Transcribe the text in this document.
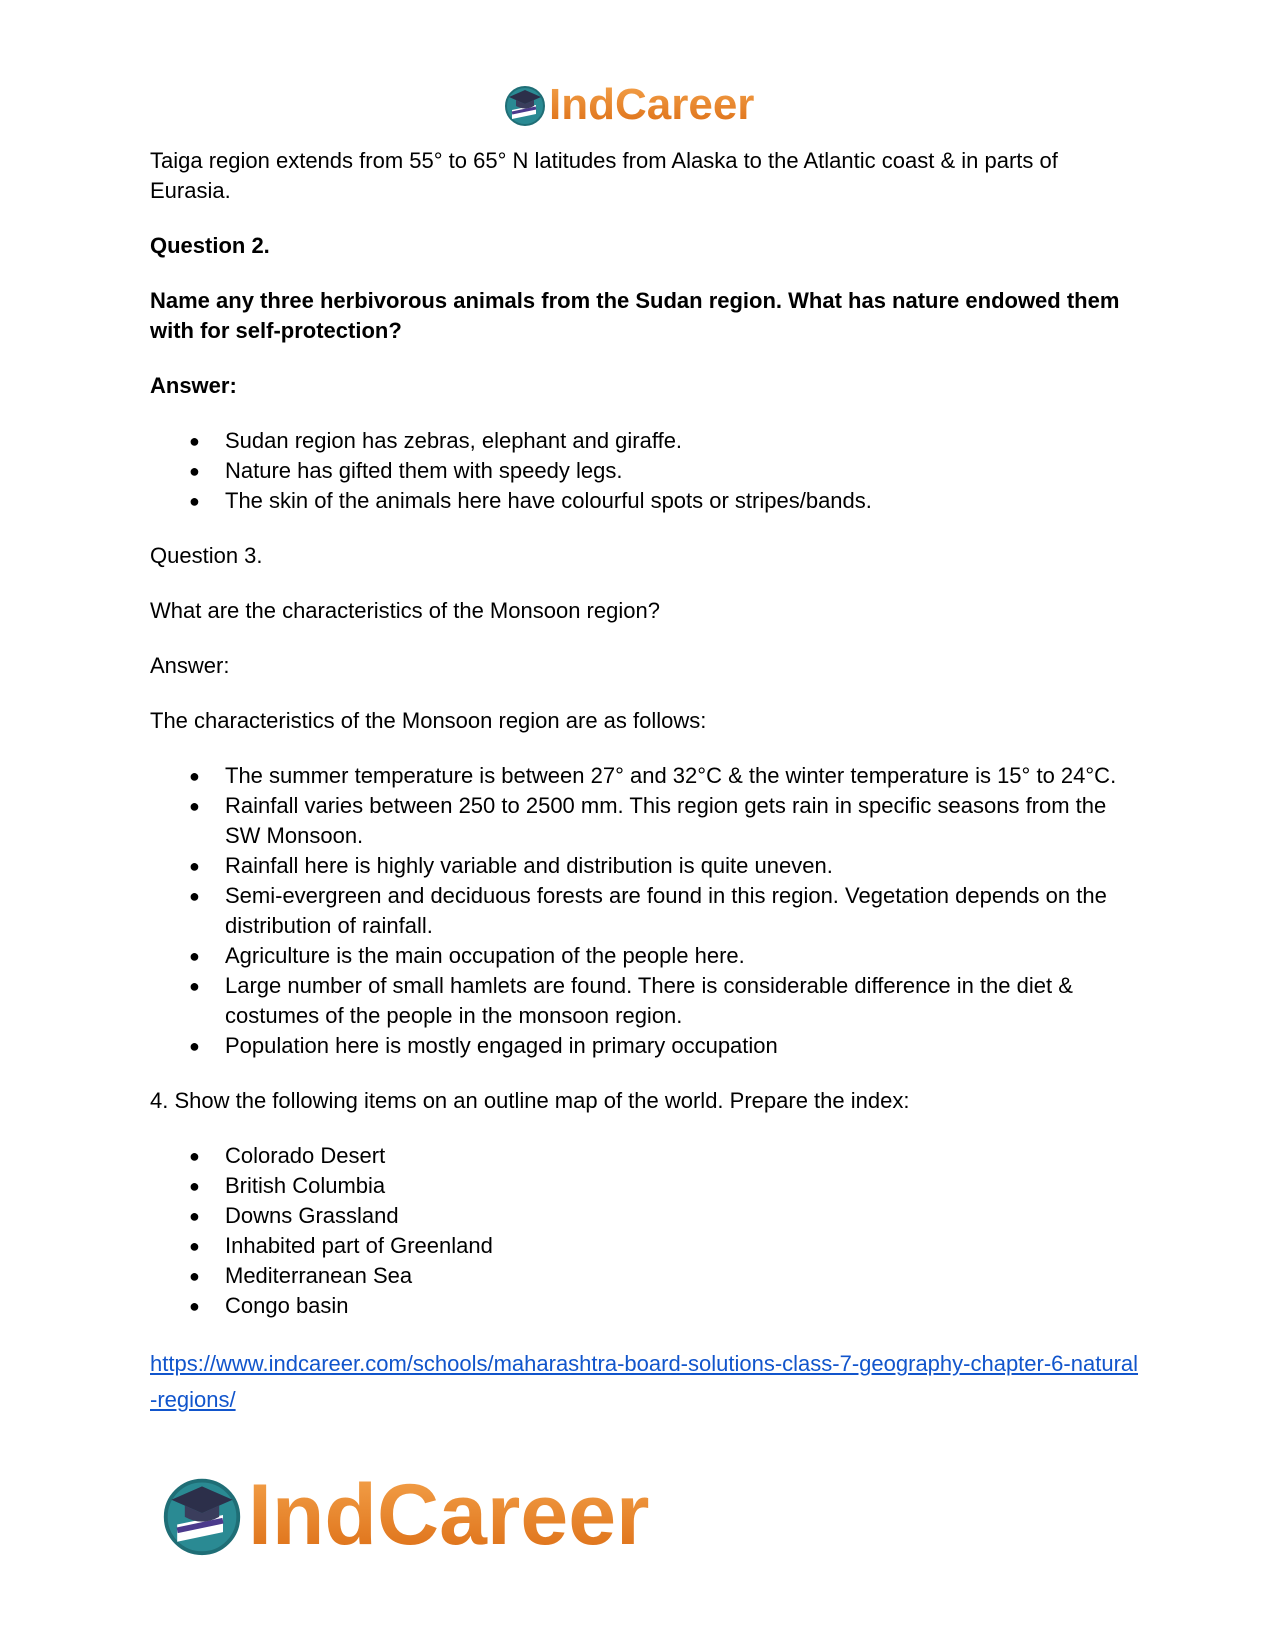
IndCareer

Taiga region extends from 55° to 65° N latitudes from Alaska to the Atlantic coast & in parts of Eurasia.

Question 2.

Name any three herbivorous animals from the Sudan region. What has nature endowed them with for self-protection?

Answer:

● Sudan region has zebras, elephant and giraffe.
● Nature has gifted them with speedy legs.
● The skin of the animals here have colourful spots or stripes/bands.

Question 3.

What are the characteristics of the Monsoon region?

Answer:

The characteristics of the Monsoon region are as follows:

● The summer temperature is between 27° and 32°C & the winter temperature is 15° to 24°C.
● Rainfall varies between 250 to 2500 mm. This region gets rain in specific seasons from the SW Monsoon.
● Rainfall here is highly variable and distribution is quite uneven.
● Semi-evergreen and deciduous forests are found in this region. Vegetation depends on the distribution of rainfall.
● Agriculture is the main occupation of the people here.
● Large number of small hamlets are found. There is considerable difference in the diet & costumes of the people in the monsoon region.
● Population here is mostly engaged in primary occupation

4. Show the following items on an outline map of the world. Prepare the index:

● Colorado Desert
● British Columbia
● Downs Grassland
● Inhabited part of Greenland
● Mediterranean Sea
● Congo basin
https://www.indcareer.com/schools/maharashtra-board-solutions-class-7-geography-chapter-6-natural-regions/
IndCareer
